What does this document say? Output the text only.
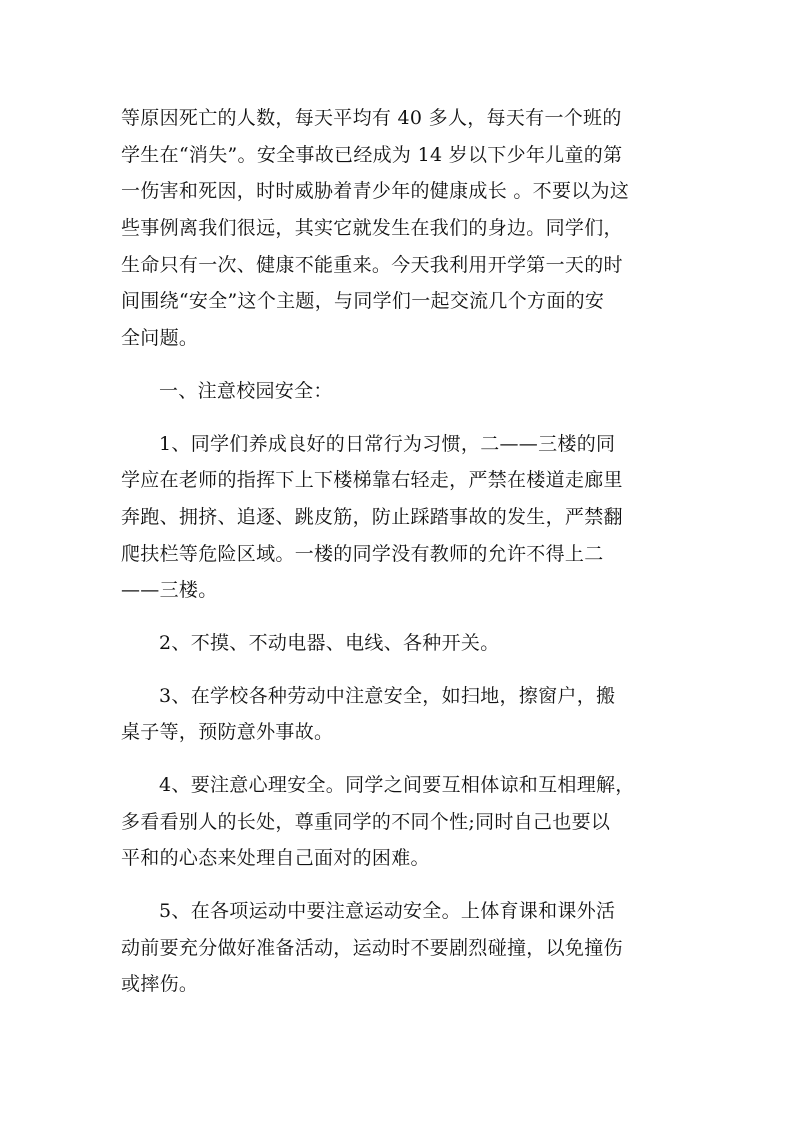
等原因死亡的人数，每天平均有 40 多人，每天有一个班的
学生在“消失”。安全事故已经成为 14 岁以下少年儿童的第
一伤害和死因，时时威胁着青少年的健康成长 。不要以为这
些事例离我们很远，其实它就发生在我们的身边。同学们，
生命只有一次、健康不能重来。今天我利用开学第一天的时
间围绕“安全”这个主题，与同学们一起交流几个方面的安
全问题。
一、注意校园安全：
1、同学们养成良好的日常行为习惯，二——三楼的同
学应在老师的指挥下上下楼梯靠右轻走，严禁在楼道走廊里
奔跑、拥挤、追逐、跳皮筋，防止踩踏事故的发生，严禁翻
爬扶栏等危险区域。一楼的同学没有教师的允许不得上二
——三楼。
2、不摸、不动电器、电线、各种开关。
3、在学校各种劳动中注意安全，如扫地，擦窗户，搬
桌子等，预防意外事故。
4、要注意心理安全。同学之间要互相体谅和互相理解，
多看看别人的长处，尊重同学的不同个性;同时自己也要以
平和的心态来处理自己面对的困难。
5、在各项运动中要注意运动安全。上体育课和课外活
动前要充分做好准备活动，运动时不要剧烈碰撞，以免撞伤
或摔伤。
